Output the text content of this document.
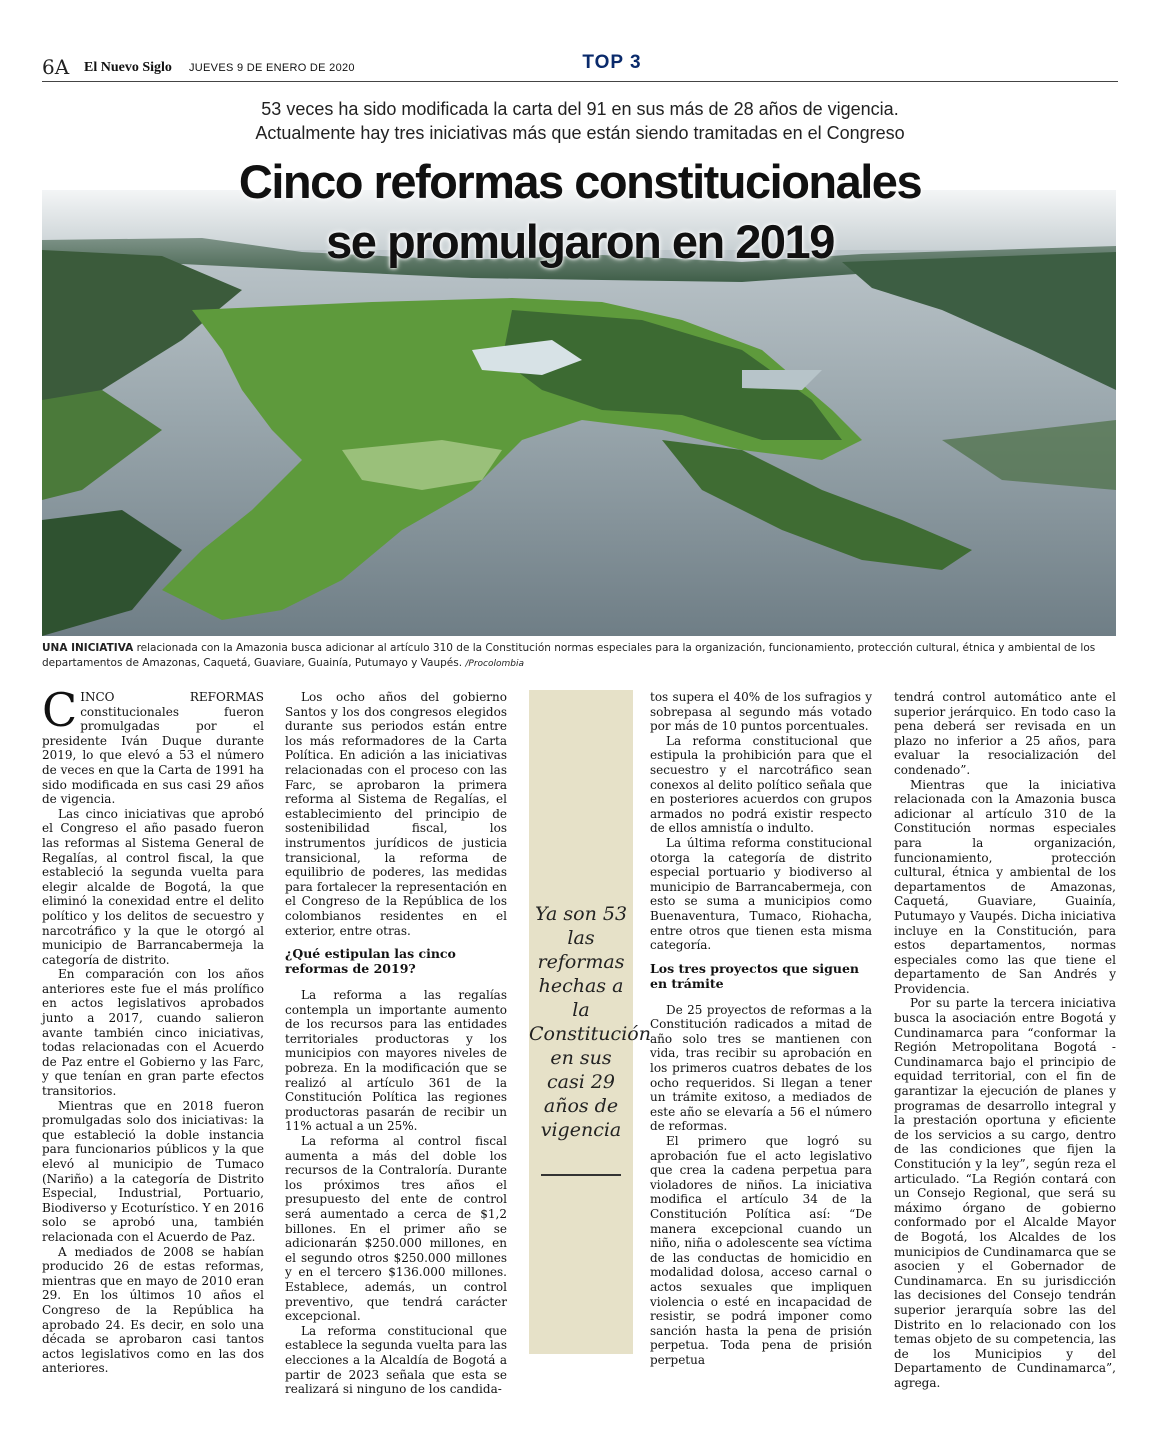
6A El Nuevo Siglo JUEVES 9 DE ENERO DE 2020	TOP 3
53 veces ha sido modificada la carta del 91 en sus más de 28 años de vigencia.
Actualmente hay tres iniciativas más que están siendo tramitadas en el Congreso
Cinco reformas constitucionales
se promulgaron en 2019
UNA INICIATIVA relacionada con la Amazonia busca adicionar al artículo 310 de la Constitución normas especiales para la organización, funcionamiento, protección cultural, étnica y ambiental de los departamentos de Amazonas, Caquetá, Guaviare, Guainía, Putumayo y Vaupés. /Procolombia

CINCO REFORMAS constitucionales fueron promulgadas por el presidente Iván Duque durante 2019, lo que elevó a 53 el número de veces en que la Carta de 1991 ha sido modificada en sus casi 29 años de vigencia.

Las cinco iniciativas que aprobó el Congreso el año pasado fueron las reformas al Sistema General de Regalías, al control fiscal, la que estableció la segunda vuelta para elegir alcalde de Bogotá, la que eliminó la conexidad entre el delito político y los delitos de secuestro y narcotráfico y la que le otorgó al municipio de Barrancabermeja la categoría de distrito.

En comparación con los años anteriores este fue el más prolífico en actos legislativos aprobados junto a 2017, cuando salieron avante también cinco iniciativas, todas relacionadas con el Acuerdo de Paz entre el Gobierno y las Farc, y que tenían en gran parte efectos transitorios.

Mientras que en 2018 fueron promulgadas solo dos iniciativas: la que estableció la doble instancia para funcionarios públicos y la que elevó al municipio de Tumaco (Nariño) a la categoría de Distrito Especial, Industrial, Portuario, Biodiverso y Ecoturístico. Y en 2016 solo se aprobó una, también relacionada con el Acuerdo de Paz.

A mediados de 2008 se habían producido 26 de estas reformas, mientras que en mayo de 2010 eran 29. En los últimos 10 años el Congreso de la República ha aprobado 24. Es decir, en solo una década se aprobaron casi tantos actos legislativos como en las dos anteriores.

Los ocho años del gobierno Santos y los dos congresos elegidos durante sus periodos están entre los más reformadores de la Carta Política. En adición a las iniciativas relacionadas con el proceso con las Farc, se aprobaron la primera reforma al Sistema de Regalías, el establecimiento del principio de sostenibilidad fiscal, los instrumentos jurídicos de justicia transicional, la reforma de equilibrio de poderes, las medidas para fortalecer la representación en el Congreso de la República de los colombianos residentes en el exterior, entre otras.

¿Qué estipulan las cinco reformas de 2019?

La reforma a las regalías contempla un importante aumento de los recursos para las entidades territoriales productoras y los municipios con mayores niveles de pobreza. En la modificación que se realizó al artículo 361 de la Constitución Política las regiones productoras pasarán de recibir un 11% actual a un 25%.

La reforma al control fiscal aumenta a más del doble los recursos de la Contraloría. Durante los próximos tres años el presupuesto del ente de control será aumentado a cerca de $1,2 billones. En el primer año se adicionarán $250.000 millones, en el segundo otros $250.000 millones y en el tercero $136.000 millones. Establece, además, un control preventivo, que tendrá carácter excepcional.

La reforma constitucional que establece la segunda vuelta para las elecciones a la Alcaldía de Bogotá a partir de 2023 señala que esta se realizará si ninguno de los candida-

Ya son 53 las reformas hechas a la Constitución en sus casi 29 años de vigencia

tos supera el 40% de los sufragios y sobrepasa al segundo más votado por más de 10 puntos porcentuales.

La reforma constitucional que estipula la prohibición para que el secuestro y el narcotráfico sean conexos al delito político señala que en posteriores acuerdos con grupos armados no podrá existir respecto de ellos amnistía o indulto.

La última reforma constitucional otorga la categoría de distrito especial portuario y biodiverso al municipio de Barrancabermeja, con esto se suma a municipios como Buenaventura, Tumaco, Riohacha, entre otros que tienen esta misma categoría.

Los tres proyectos que siguen en trámite

De 25 proyectos de reformas a la Constitución radicados a mitad de año solo tres se mantienen con vida, tras recibir su aprobación en los primeros cuatros debates de los ocho requeridos. Si llegan a tener un trámite exitoso, a mediados de este año se elevaría a 56 el número de reformas.

El primero que logró su aprobación fue el acto legislativo que crea la cadena perpetua para violadores de niños. La iniciativa modifica el artículo 34 de la Constitución Política así: “De manera excepcional cuando un niño, niña o adolescente sea víctima de las conductas de homicidio en modalidad dolosa, acceso carnal o actos sexuales que impliquen violencia o esté en incapacidad de resistir, se podrá imponer como sanción hasta la pena de prisión perpetua. Toda pena de prisión perpetua

tendrá control automático ante el superior jerárquico. En todo caso la pena deberá ser revisada en un plazo no inferior a 25 años, para evaluar la resocialización del condenado”.

Mientras que la iniciativa relacionada con la Amazonia busca adicionar al artículo 310 de la Constitución normas especiales para la organización, funcionamiento, protección cultural, étnica y ambiental de los departamentos de Amazonas, Caquetá, Guaviare, Guainía, Putumayo y Vaupés. Dicha iniciativa incluye en la Constitución, para estos departamentos, normas especiales como las que tiene el departamento de San Andrés y Providencia.

Por su parte la tercera iniciativa busca la asociación entre Bogotá y Cundinamarca para “conformar la Región Metropolitana Bogotá - Cundinamarca bajo el principio de equidad territorial, con el fin de garantizar la ejecución de planes y programas de desarrollo integral y la prestación oportuna y eficiente de los servicios a su cargo, dentro de las condiciones que fijen la Constitución y la ley”, según reza el articulado. “La Región contará con un Consejo Regional, que será su máximo órgano de gobierno conformado por el Alcalde Mayor de Bogotá, los Alcaldes de los municipios de Cundinamarca que se asocien y el Gobernador de Cundinamarca. En su jurisdicción las decisiones del Consejo tendrán superior jerarquía sobre las del Distrito en lo relacionado con los temas objeto de su competencia, las de los Municipios y del Departamento de Cundinamarca”, agrega.
